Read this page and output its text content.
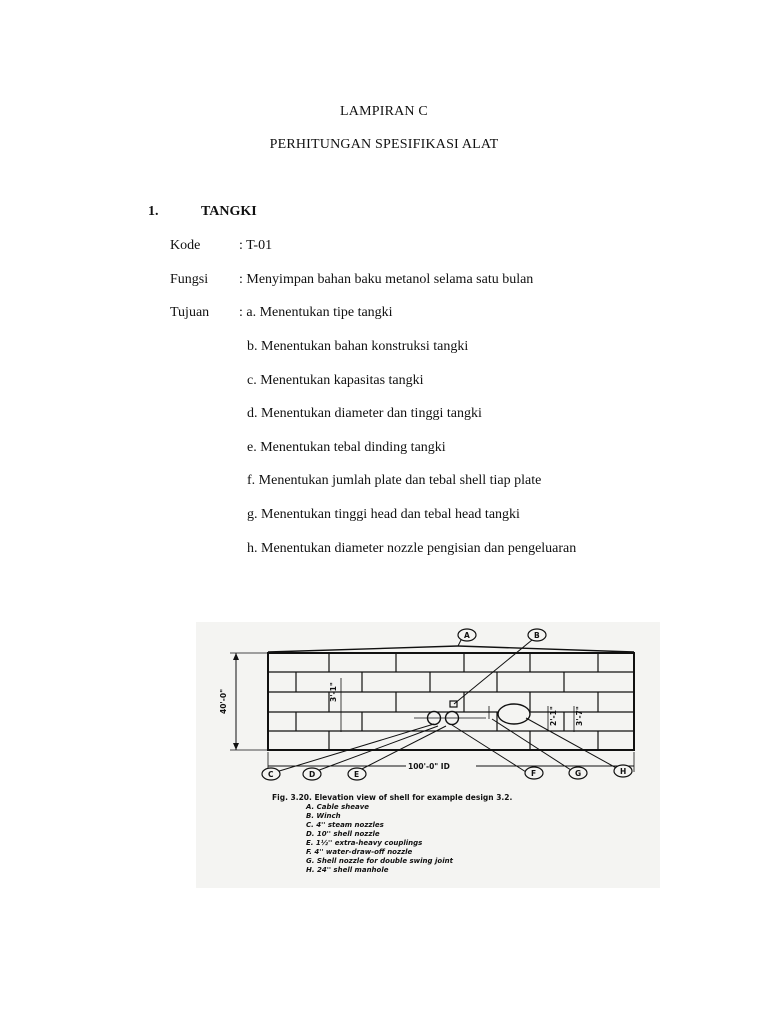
LAMPIRAN C
PERHITUNGAN SPESIFIKASI ALAT
1.	TANGKI
Kode	: T-01
Fungsi : Menyimpan bahan baku metanol selama satu bulan
Tujuan : a. Menentukan tipe tangki
b. Menentukan bahan konstruksi tangki
c. Menentukan kapasitas tangki
d. Menentukan diameter dan tinggi tangki
e. Menentukan tebal dinding tangki
f. Menentukan jumlah plate dan tebal shell tiap plate
g. Menentukan tinggi head dan tebal head tangki
h. Menentukan diameter nozzle pengisian dan pengeluaran
40'-0"	3'-1"
2'-1" 3'-7"
100'-0" ID
A	B
C	D	E	F	G	H
Fig. 3.20. Elevation view of shell for example design 3.2.
A. Cable sheave
B. Winch
C. 4'' steam nozzles
D. 10'' shell nozzle
E. 1½'' extra-heavy couplings
F. 4'' water-draw-off nozzle
G. Shell nozzle for double swing joint
H. 24'' shell manhole
